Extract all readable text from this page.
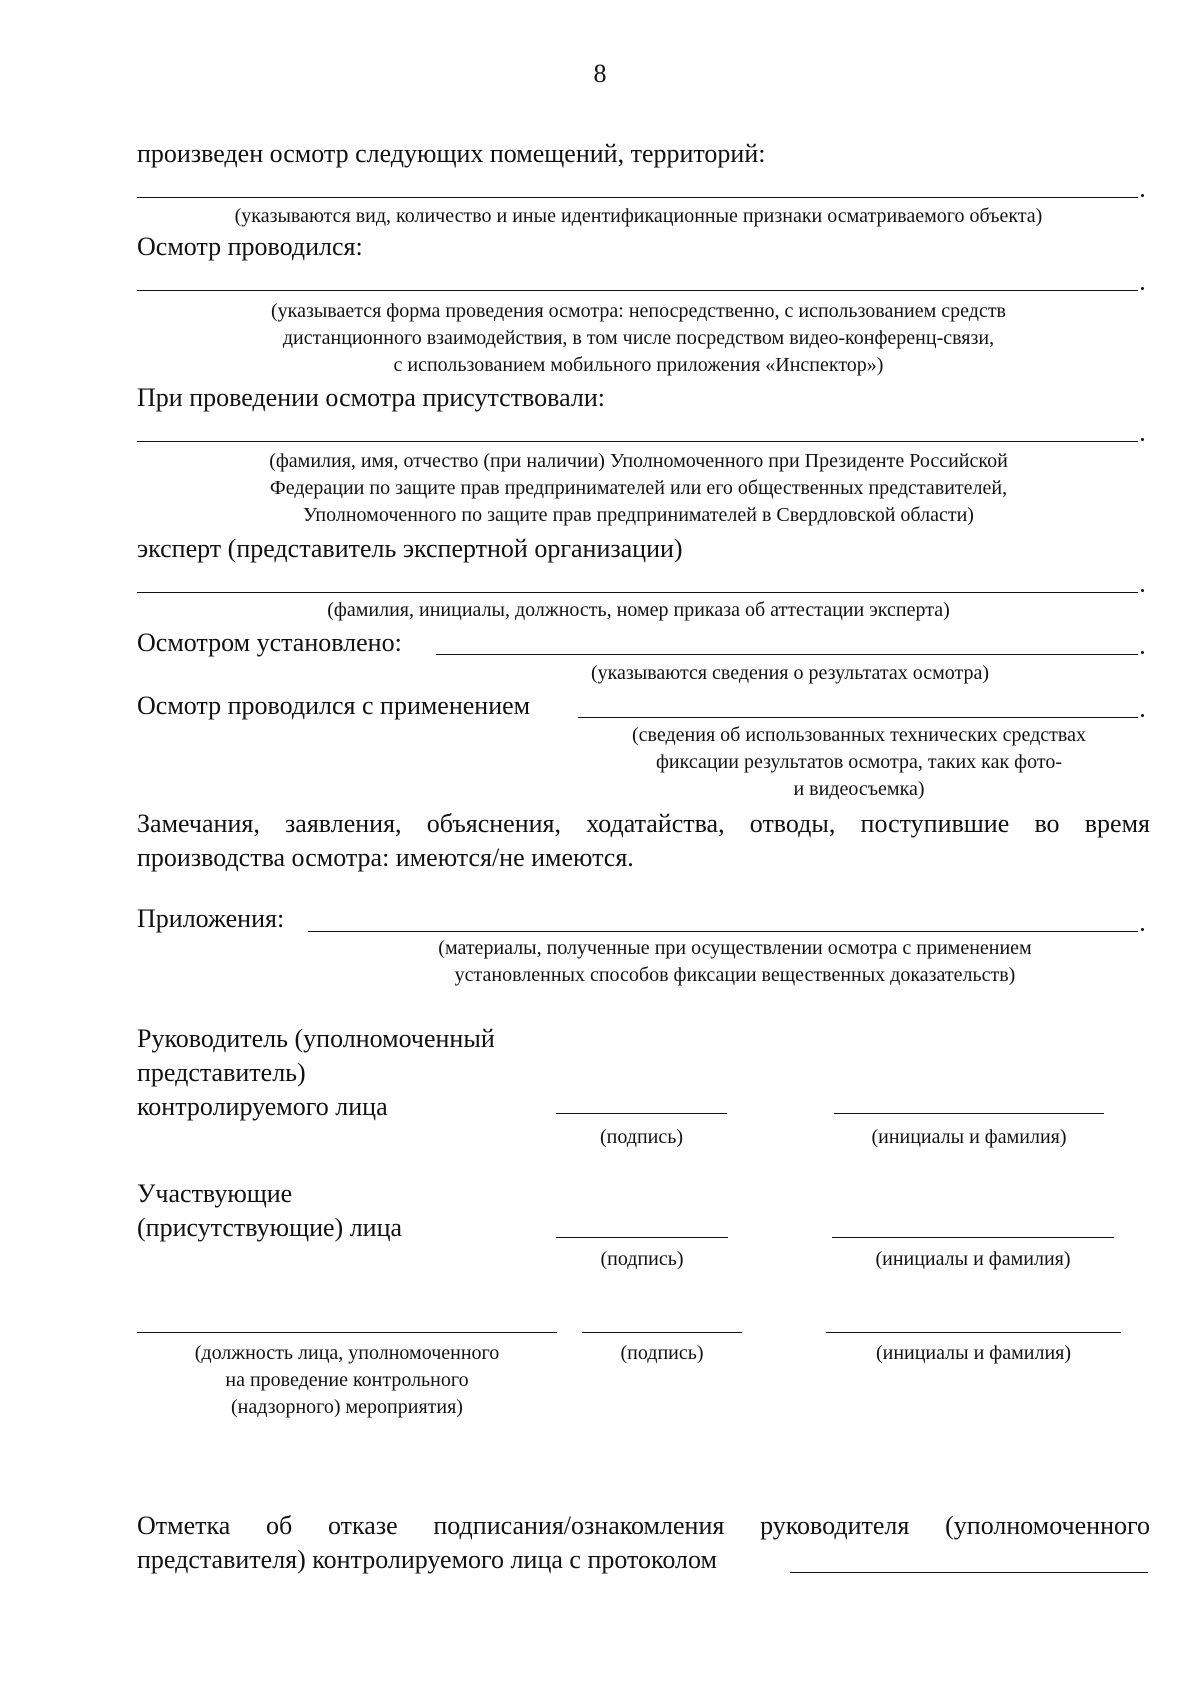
8
произведен осмотр следующих помещений, территорий:
(указываются вид, количество и иные идентификационные признаки осматриваемого объекта)
Осмотр проводился:
(указывается форма проведения осмотра: непосредственно, с использованием средств
дистанционного взаимодействия, в том числе посредством видео-конференц-связи,
с использованием мобильного приложения «Инспектор»)
При проведении осмотра присутствовали:
(фамилия, имя, отчество (при наличии) Уполномоченного при Президенте Российской
Федерации по защите прав предпринимателей или его общественных представителей,
Уполномоченного по защите прав предпринимателей в Свердловской области)
эксперт (представитель экспертной организации)
(фамилия, инициалы, должность, номер приказа об аттестации эксперта)
Осмотром установлено:
(указываются сведения о результатах осмотра)
Осмотр проводился с применением
(сведения об использованных технических средствах
фиксации результатов осмотра, таких как фото-
и видеосъемка)
Замечания, заявления, объяснения, ходатайства, отводы, поступившие во время
производства осмотра: имеются/не имеются.
Приложения:
(материалы, полученные при осуществлении осмотра с применением
установленных способов фиксации вещественных доказательств)
Руководитель (уполномоченный
представитель)
контролируемого лица
(подпись)	(инициалы и фамилия)
Участвующие
(присутствующие) лица
(подпись)	(инициалы и фамилия)
(должность лица, уполномоченного
на проведение контрольного
(надзорного) мероприятия)
(подпись)	(инициалы и фамилия)
Отметка об отказе подписания/ознакомления руководителя (уполномоченного
представителя) контролируемого лица с протоколом
